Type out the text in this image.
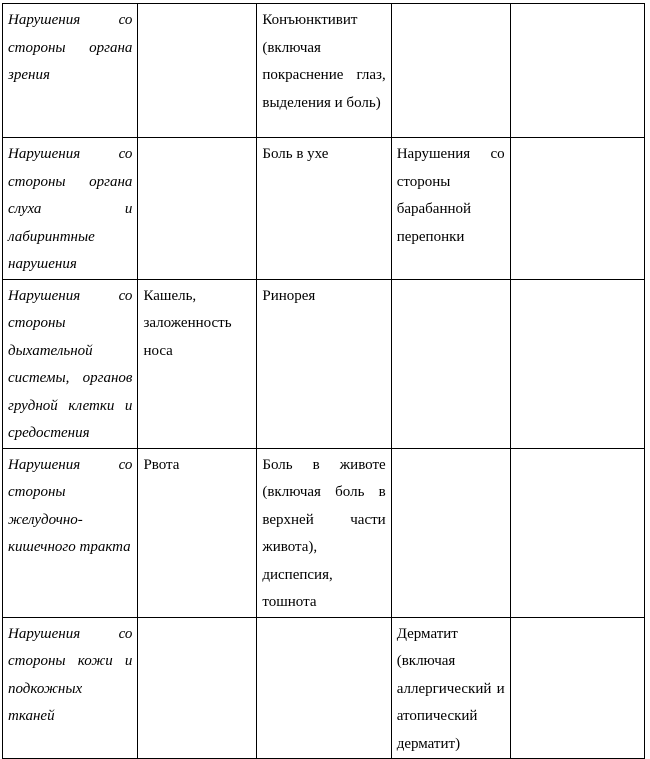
Нарушения со стороны органа зрения		Конъюнктивит (включая покраснение глаз, выделения и боль)		
Нарушения со стороны органа слуха и лабиринтные нарушения		Боль в ухе	Нарушения со стороны барабанной перепонки	
Нарушения со стороны дыхательной системы, органов грудной клетки и средостения	Кашель, заложенность носа	Ринорея		
Нарушения со стороны желудочно-кишечного тракта	Рвота	Боль в животе (включая боль в верхней части живота), диспепсия, тошнота		
Нарушения со стороны кожи и подкожных тканей			Дерматит (включая аллергический и атопический дерматит)	
